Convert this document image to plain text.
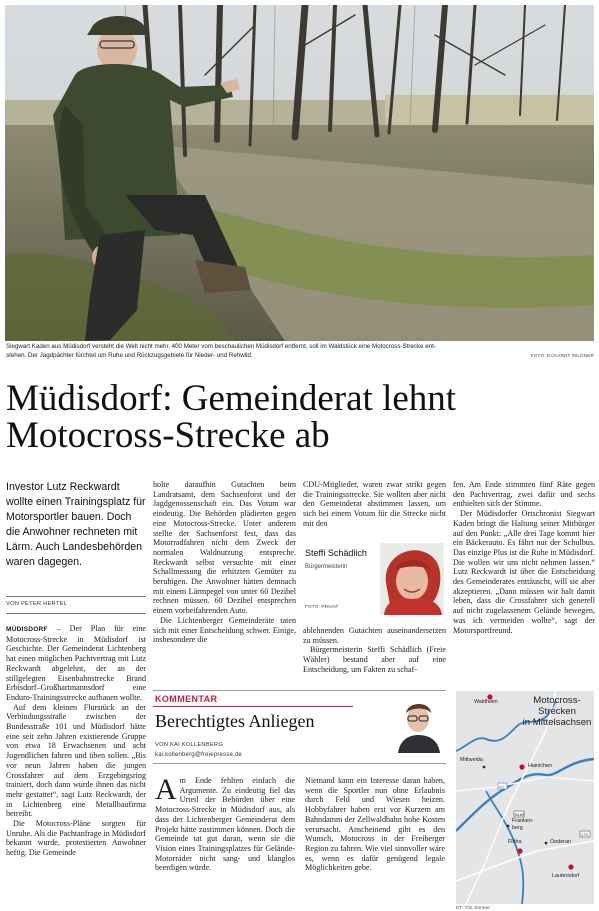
Siegwart Kaden aus Müdisdorf versteht die Welt nicht mehr. 400 Meter vom beschaulichen Müdisdorf entfernt, soll im Waldstück eine Motocross-Strecke ent-
stehen. Der Jagdpächter fürchtet um Ruhe und Rückzugsgebiete für Nieder- und Rehwild.	FOTO: ECKARDT MILDNER
Müdisdorf: Gemeinderat lehnt
Motocross-Strecke ab
Investor Lutz Reckwardt wollte einen Trainingsplatz für Motorsportler bauen. Doch die Anwohner rechneten mit Lärm. Auch Landesbehörden waren dagegen.
VON PETER HERTEL

MÜDISDORF – Der Plan für eine Motocross-Strecke in Müdisdorf ist Geschichte. Der Gemeinderat Lichtenberg hat einen möglichen Pachtvertrag mit Lutz Reckwardt abgelehnt, der an der stillgelegten Eisenbahnstrecke Brand Erbisdorf–Großhartmannsdorf eine Enduro-Trainingsstrecke aufbauen wollte.

Auf dem kleinen Flurstück an der Verbindungsstraße zwischen der Bundesstraße 101 und Müdisdorf hätte eine seit zehn Jahren existierende Gruppe von etwa 18 Erwachsenen und acht Jugendlichen fahren und üben sollen. „Bis vor neun Jahren haben die jungen Crossfahrer auf dem Erzgebirgsring trainiert, doch dann wurde ihnen das nicht mehr gestattet“, sagt Lutz Reckwardt, der in Lichtenberg eine Metallbaufirma betreibt.

Die Motocross-Pläne sorgten für Unruhe. Als die Pachtanfrage in Müdisdorf bekannt wurde, protestierten Anwohner heftig. Die Gemeinde

holte daraufhin Gutachten beim Landratsamt, dem Sachsenforst und der Jagdgenossenschaft ein. Das Votum war eindeutig. Die Behörden plädierten gegen eine Motocross-Strecke. Unter anderem stellte der Sachsenforst fest, dass das Motorradfahren nicht dem Zweck der normalen Waldnutzung entspreche. Reckwardt selbst versuchte mit einer Schallmessung die erhitzten Gemüter zu beruhigen. Die Anwohner hätten demnach mit einem Lärmpegel von unter 60 Dezibel rechnen müssen. 60 Dezibel entsprechen einem vorbeifahrenden Auto.

Die Lichtenberger Gemeinderäte taten sich mit einer Entscheidung schwer. Einige, insbesondere die

CDU-Mitglieder, waren zwar strikt gegen die Trainingsstrecke. Sie wollten aber nicht den Gemeinderat abstimmen lassen, um sich bei einem Votum für die Strecke nicht mit den

Steffi Schädlich
Bürgermeisterin
FOTO: PRIVAT

ablehnenden Gutachten auseinandersetzen zu müssen.

Bürgermeisterin Steffi Schädlich (Freie Wähler) bestand aber auf eine Entscheidung, um Fakten zu schaf-

fen. Am Ende stimmten fünf Räte gegen den Pachtvertrag, zwei dafür und sechs enthielten sich der Stimme.

Der Müdisdorfer Ortschronist Siegwart Kaden bringt die Haltung seiner Mitbürger auf den Punkt: „Alle drei Tage kommt hier ein Bäckerauto. Es fährt nur der Schulbus. Das einzige Plus ist die Ruhe in Müdisdorf. Die wollen wir uns nicht nehmen lassen.“ Lutz Reckwardt ist über die Entscheidung des Gemeinderates enttäuscht, will sie aber akzeptieren. „Dann müssen wir halt damit leben, dass die Crossfahrer sich generell auf nicht zugelassenem Gelände bewegen, was ich vermeiden wollte“, sagt der Motorsportfreund.

KOMMENTAR
Berechtigtes Anliegen
VON KAI KOLLENBERG
kai.kollenberg@freiepresse.de

Am Ende fehlten einfach die Argumente. Zu eindeutig fiel das Urteil der Behörden über eine Motocross-Strecke in Müdisdorf aus, als dass der Lichtenberger Gemeinderat dem Projekt hätte zustimmen können. Doch die Gemeinde tat gut daran, wenn sie die Vision eines Trainingsplatzes für Gelände-Motorräder nicht sang- und klanglos beerdigen würde.

Niemand kann ein Interesse daran haben, wenn die Sportler nun ohne Erlaubnis durch Feld und Wiesen heizen. Hobbyfahrer haben erst vor Kurzem am Bahndamm der Zellwaldbahn hohe Kosten verursacht. Anscheinend gibt es den Wunsch, Motocross in der Freiberger Region zu fahren. Wie viel sinnvoller wäre es, wenn es dafür genügend legale Möglichkeiten gebe.

Motocross-
Strecken
in Mittelsachsen
Waldheim
Mittweida
Hainichen
A4
B169
173
Franken-
berg
Flöha	Oederan
Lautersdorf
KT: Tilo Steiner
